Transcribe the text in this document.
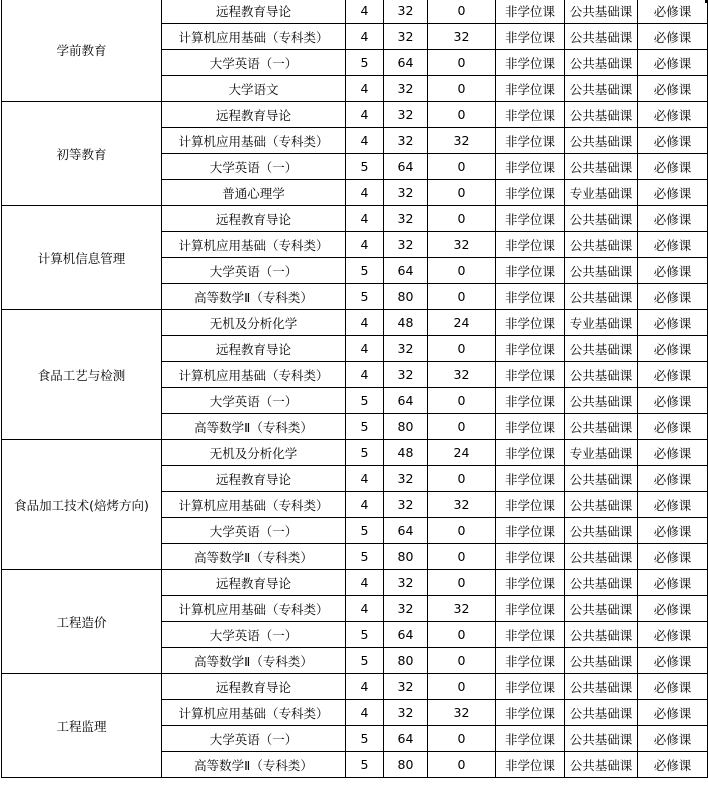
学前教育	远程教育导论	4	32	0	非学位课	公共基础课	必修课
	计算机应用基础（专科类）	4	32	32	非学位课	公共基础课	必修课
	大学英语（一）	5	64	0	非学位课	公共基础课	必修课
	大学语文	4	32	0	非学位课	公共基础课	必修课
初等教育	远程教育导论	4	32	0	非学位课	公共基础课	必修课
	计算机应用基础（专科类）	4	32	32	非学位课	公共基础课	必修课
	大学英语（一）	5	64	0	非学位课	公共基础课	必修课
	普通心理学	4	32	0	非学位课	专业基础课	必修课
计算机信息管理	远程教育导论	4	32	0	非学位课	公共基础课	必修课
	计算机应用基础（专科类）	4	32	32	非学位课	公共基础课	必修课
	大学英语（一）	5	64	0	非学位课	公共基础课	必修课
	高等数学Ⅱ（专科类）	5	80	0	非学位课	公共基础课	必修课
食品工艺与检测	无机及分析化学	4	48	24	非学位课	专业基础课	必修课
	远程教育导论	4	32	0	非学位课	公共基础课	必修课
	计算机应用基础（专科类）	4	32	32	非学位课	公共基础课	必修课
	大学英语（一）	5	64	0	非学位课	公共基础课	必修课
	高等数学Ⅱ（专科类）	5	80	0	非学位课	公共基础课	必修课
食品加工技术(焙烤方向)	无机及分析化学	5	48	24	非学位课	专业基础课	必修课
	远程教育导论	4	32	0	非学位课	公共基础课	必修课
	计算机应用基础（专科类）	4	32	32	非学位课	公共基础课	必修课
	大学英语（一）	5	64	0	非学位课	公共基础课	必修课
	高等数学Ⅱ（专科类）	5	80	0	非学位课	公共基础课	必修课
工程造价	远程教育导论	4	32	0	非学位课	公共基础课	必修课
	计算机应用基础（专科类）	4	32	32	非学位课	公共基础课	必修课
	大学英语（一）	5	64	0	非学位课	公共基础课	必修课
	高等数学Ⅱ（专科类）	5	80	0	非学位课	公共基础课	必修课
工程监理	远程教育导论	4	32	0	非学位课	公共基础课	必修课
	计算机应用基础（专科类）	4	32	32	非学位课	公共基础课	必修课
	大学英语（一）	5	64	0	非学位课	公共基础课	必修课
	高等数学Ⅱ（专科类）	5	80	0	非学位课	公共基础课	必修课
